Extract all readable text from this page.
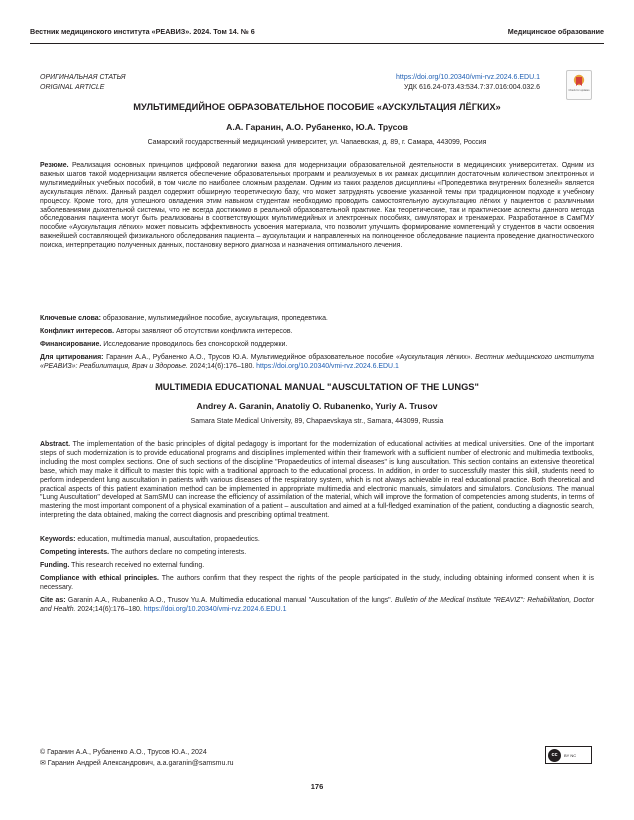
Вестник медицинского института «РЕАВИЗ». 2024. Том 14. № 6	Медицинское образование
ОРИГИНАЛЬНАЯ СТАТЬЯ
ORIGINAL ARTICLE
https://doi.org/10.20340/vmi-rvz.2024.6.EDU.1
УДК 616.24-073.43:534.7:37.016:004.032.6	Check for updates
МУЛЬТИМЕДИЙНОЕ ОБРАЗОВАТЕЛЬНОЕ ПОСОБИЕ «АУСКУЛЬТАЦИЯ ЛЁГКИХ»
А.А. Гаранин, А.О. Рубаненко, Ю.А. Трусов
Самарский государственный медицинский университет, ул. Чапаевская, д. 89, г. Самара, 443099, Россия
Резюме. Реализация основных принципов цифровой педагогики важна для модернизации образовательной деятельности в медицинских университетах. Одним из важных шагов такой модернизации является обеспечение образовательных программ и реализуемых в их рамках дисциплин достаточным количеством электронных и мультимедийных учебных пособий, в том числе по наиболее сложным разделам. Одним из таких разделов дисциплины «Пропедевтика внутренних болезней» является аускультация лёгких. Данный раздел содержит обширную теоретическую базу, что может затруднять усвоение указанной темы при традиционном подходе к учебному процессу. Кроме того, для успешного овладения этим навыком студентам необходимо проводить самостоятельную аускультацию лёгких у пациентов с различными заболеваниями дыхательной системы, что не всегда достижимо в реальной образовательной практике. Как теоретические, так и практические аспекты данного метода обследования пациента могут быть реализованы в соответствующих мультимедийных и электронных пособиях, симуляторах и тренажерах. Разработанное в СамГМУ пособие «Аускультация лёгких» может повысить эффективность усвоения материала, что позволит улучшить формирование компетенций у студентов в части освоения важнейшей составляющей физикального обследования пациента – аускультации и направленных на полноценное обследование пациента проведение диагностического поиска, интерпретацию полученных данных, постановку верного диагноза и назначения оптимального лечения.
Ключевые слова: образование, мультимедийное пособие, аускультация, пропедевтика.
Конфликт интересов. Авторы заявляют об отсутствии конфликта интересов.
Финансирование. Исследование проводилось без спонсорской поддержки.
Для цитирования: Гаранин А.А., Рубаненко А.О., Трусов Ю.А. Мультимедийное образовательное пособие «Аускультация лёгких». Вестник медицинского института «РЕАВИЗ»: Реабилитация, Врач и Здоровье. 2024;14(6):176–180. https://doi.org/10.20340/vmi-rvz.2024.6.EDU.1
MULTIMEDIA EDUCATIONAL MANUAL "AUSCULTATION OF THE LUNGS"
Andrey A. Garanin, Anatoliy O. Rubanenko, Yuriy A. Trusov
Samara State Medical University, 89, Chapaevskaya str., Samara, 443099, Russia
Abstract. The implementation of the basic principles of digital pedagogy is important for the modernization of educational activities at medical universities. One of the important steps of such modernization is to provide educational programs and disciplines implemented within their framework with a sufficient number of electronic and multimedia textbooks, including the most complex sections. One of such sections of the discipline "Propaedeutics of internal diseases" is lung auscultation. This section contains an extensive theoretical base, which may make it difficult to master this topic with a traditional approach to the educational process. In addition, in order to successfully master this skill, students need to perform independent lung auscultation in patients with various diseases of the respiratory system, which is not always achievable in real educational practice. Both theoretical and practical aspects of this patient examination method can be implemented in appropriate multimedia and electronic manuals, simulators and simulators. Conclusions. The manual "Lung Auscultation" developed at SamSMU can increase the efficiency of assimilation of the material, which will improve the formation of competencies among students, in terms of mastering the most important component of a physical examination of a patient – auscultation and aimed at a full-fledged examination of the patient, conducting a diagnostic search, interpreting the data obtained, making the correct diagnosis and prescribing optimal treatment.
Keywords: education, multimedia manual, auscultation, propaedeutics.
Competing interests. The authors declare no competing interests.
Funding. This research received no external funding.
Compliance with ethical principles. The authors confirm that they respect the rights of the people participated in the study, including obtaining informed consent when it is necessary.
Cite as: Garanin A.A., Rubanenko A.O., Trusov Yu.A. Multimedia educational manual "Auscultation of the lungs". Bulletin of the Medical Institute "REAVIZ": Rehabilitation, Doctor and Health. 2024;14(6):176–180. https://doi.org/10.20340/vmi-rvz.2024.6.EDU.1
© Гаранин А.А., Рубаненко А.О., Трусов Ю.А., 2024
✉ Гаранин Андрей Александрович, a.a.garanin@samsmu.ru
cc	BY NC
176
